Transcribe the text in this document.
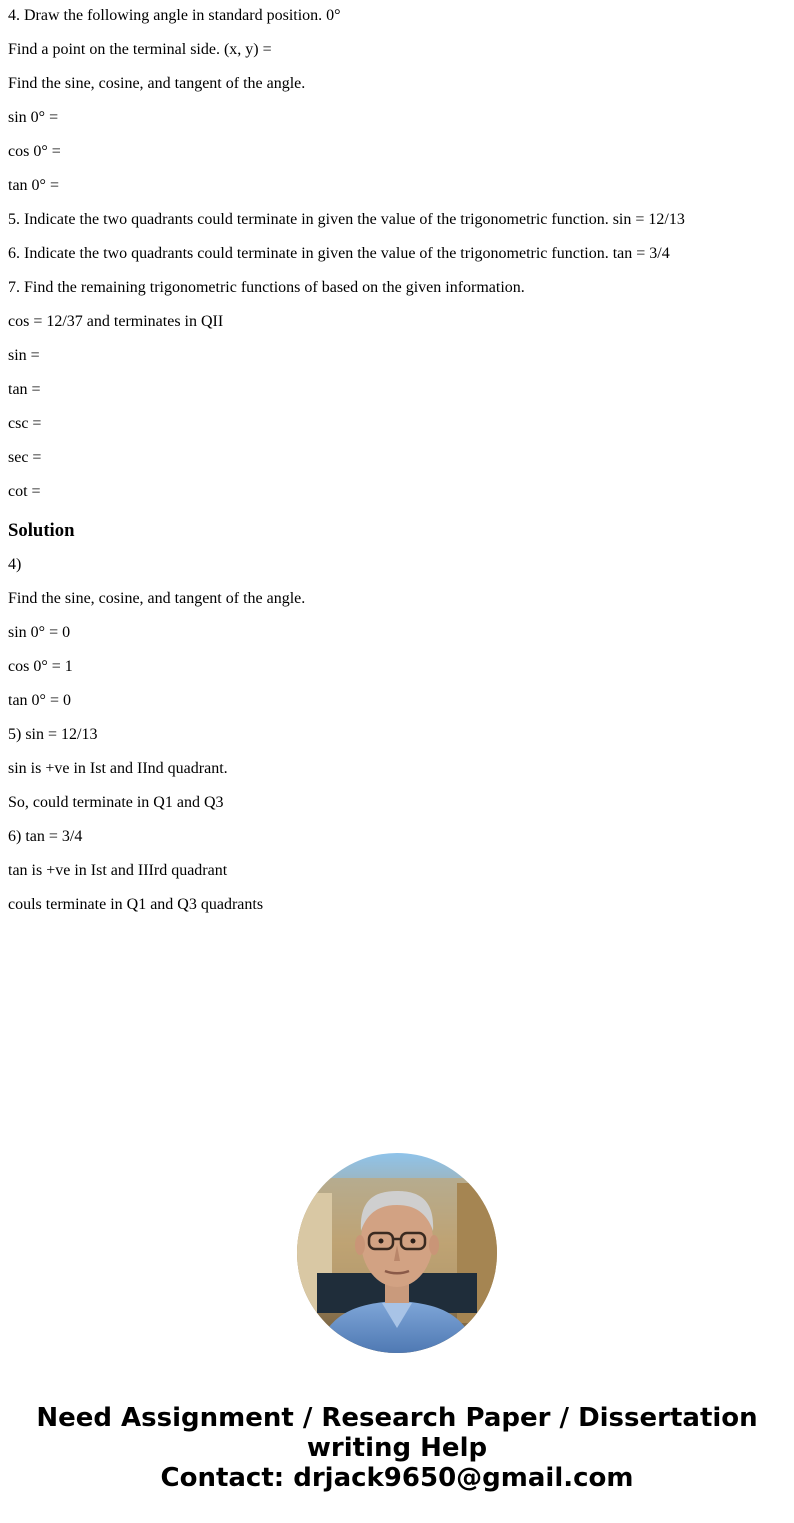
4. Draw the following angle in standard position. 0°

Find a point on the terminal side. (x, y) =

Find the sine, cosine, and tangent of the angle.

sin 0° =

cos 0° =

tan 0° =

5. Indicate the two quadrants could terminate in given the value of the trigonometric function. sin = 12/13

6. Indicate the two quadrants could terminate in given the value of the trigonometric function. tan = 3/4

7. Find the remaining trigonometric functions of based on the given information.

cos = 12/37 and terminates in QII

sin =

tan =

csc =

sec =

cot =

Solution

4)

Find the sine, cosine, and tangent of the angle.

sin 0° = 0

cos 0° = 1

tan 0° = 0

5) sin = 12/13

sin is +ve in Ist and IInd quadrant.

So, could terminate in Q1 and Q3

6) tan = 3/4

tan is +ve in Ist and IIIrd quadrant

couls terminate in Q1 and Q3 quadrants

Need Assignment / Research Paper / Dissertation
writing Help
Contact: drjack9650@gmail.com
